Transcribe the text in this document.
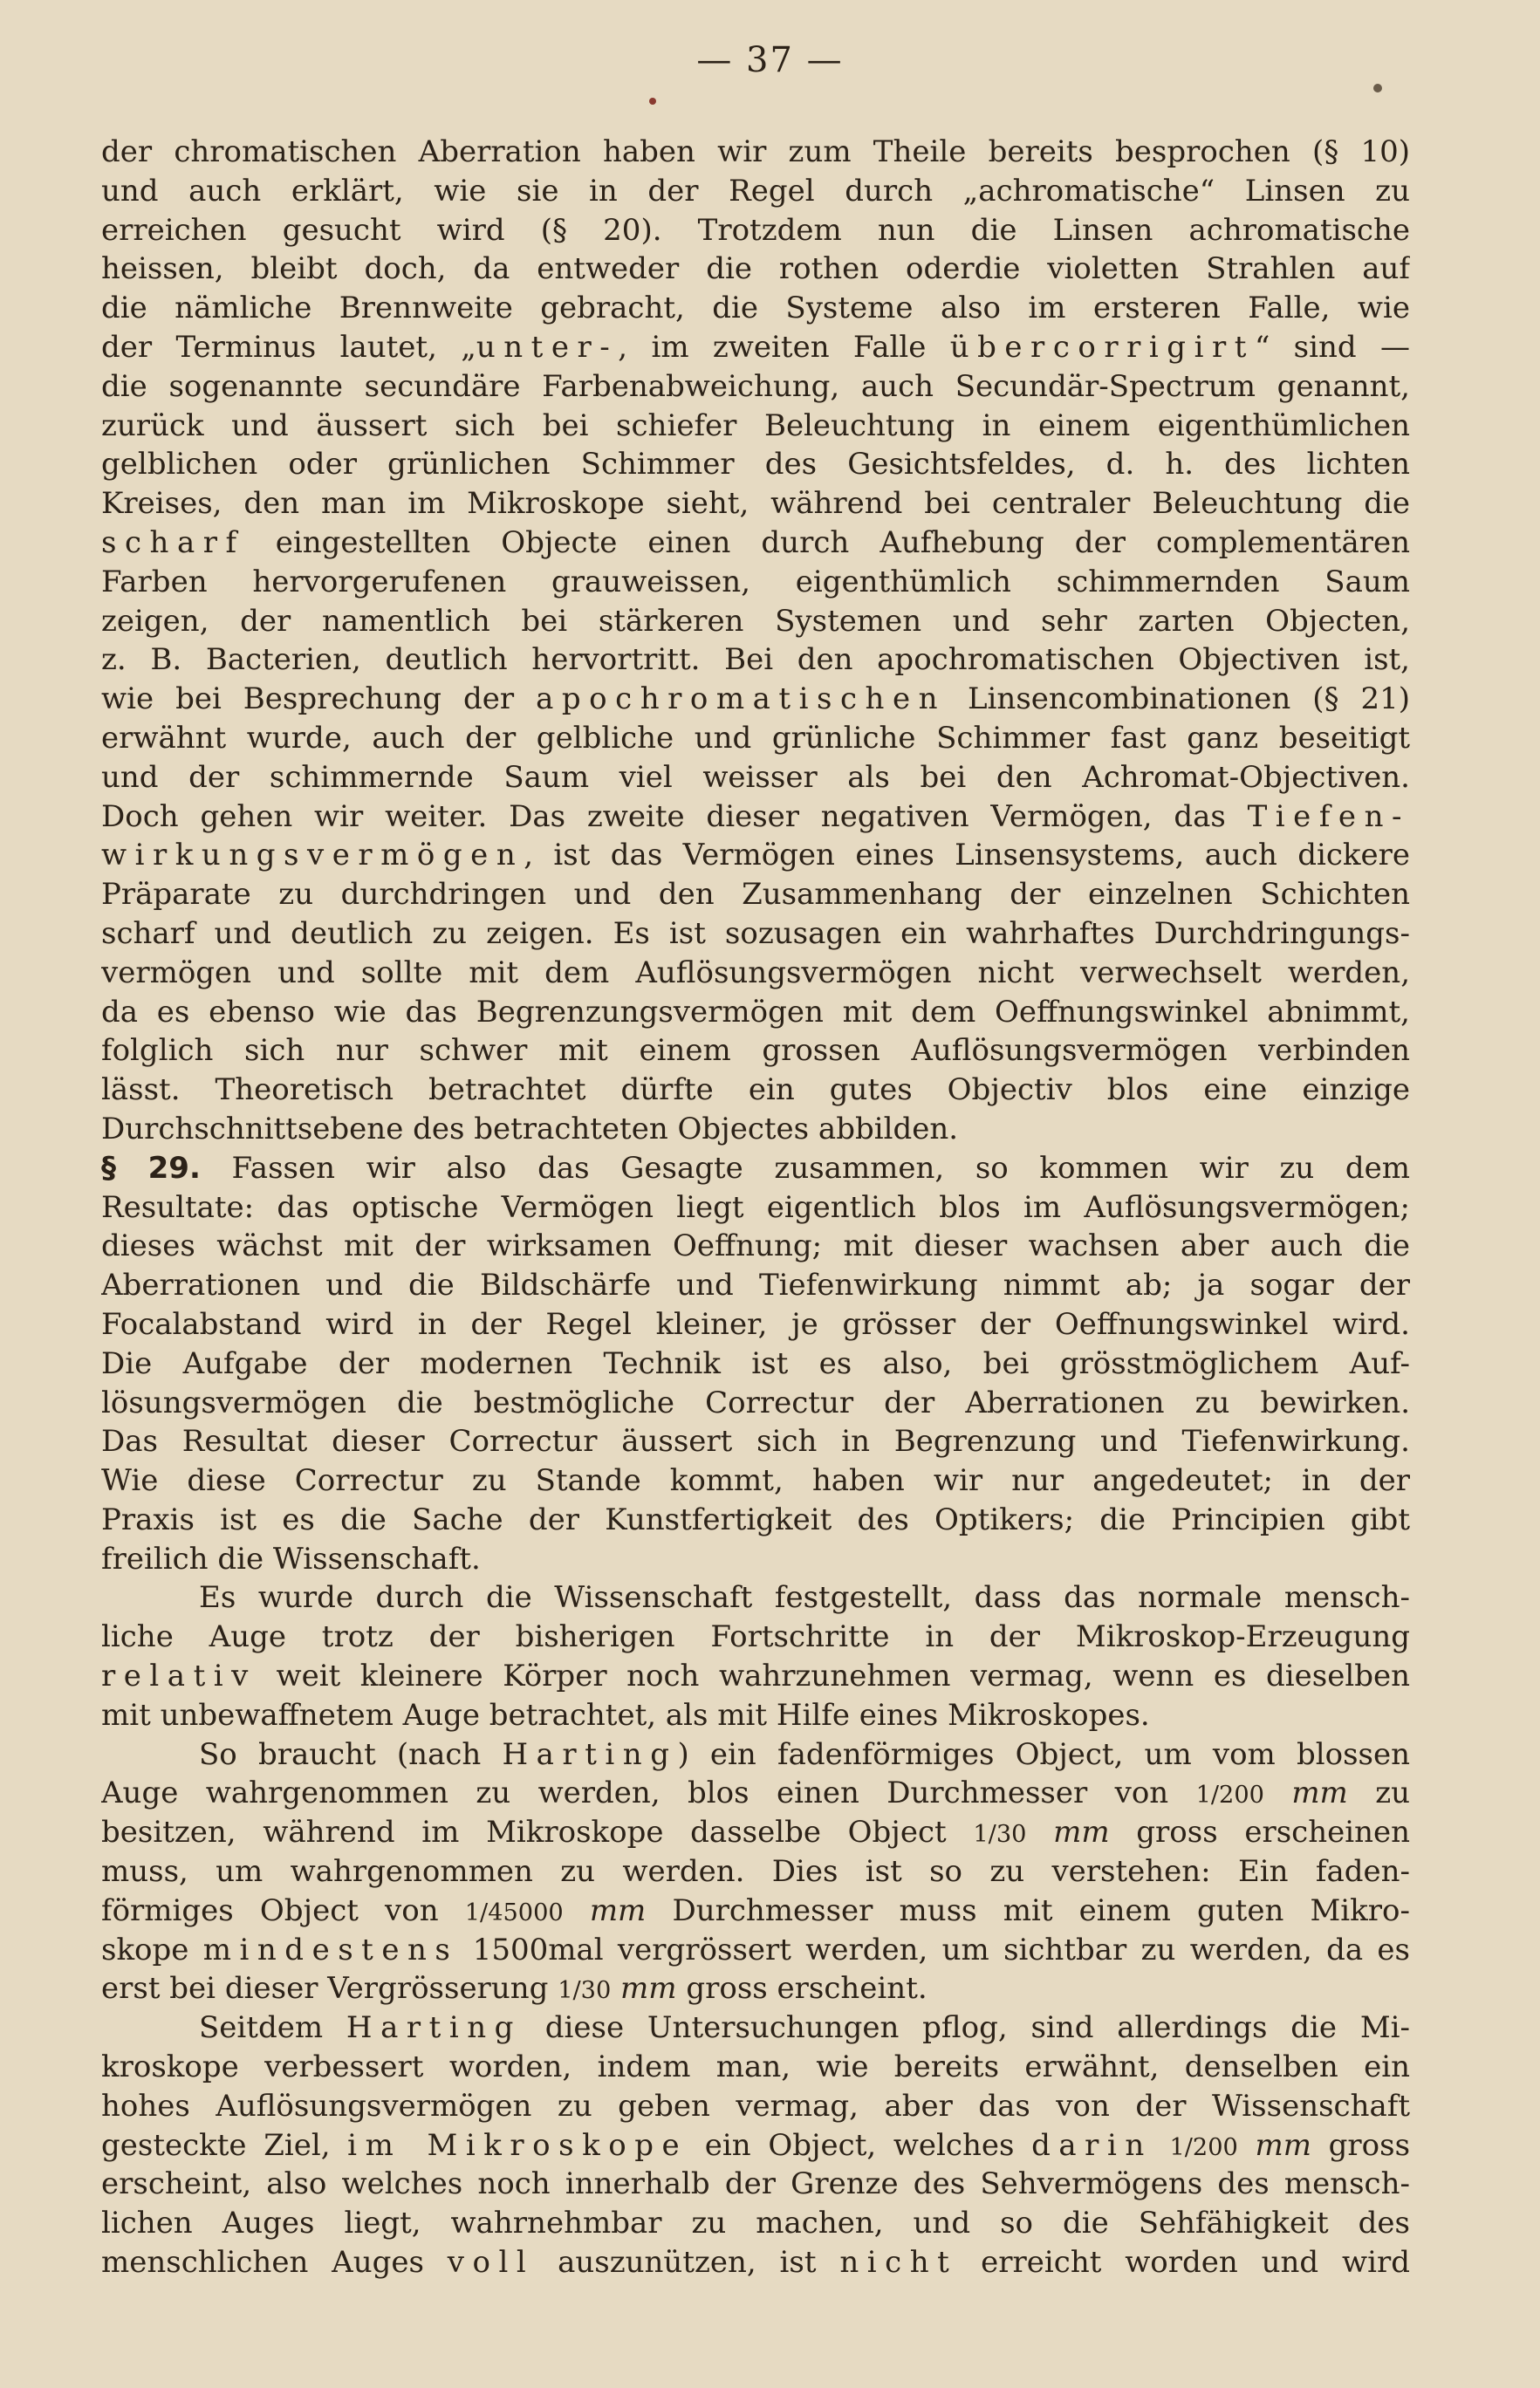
— 37 —
der chromatischen Aberration haben wir zum Theile bereits besprochen (§ 10)
und auch erklärt, wie sie in der Regel durch „achromatische“ Linsen zu
erreichen gesucht wird (§ 20). Trotzdem nun die Linsen achromatische
heissen, bleibt doch, da entweder die rothen oderdie violetten Strahlen auf
die nämliche Brennweite gebracht, die Systeme also im ersteren Falle, wie
der Terminus lautet, „unter-, im zweiten Falle übercorrigirt“ sind —
die sogenannte secundäre Farbenabweichung, auch Secundär-Spectrum genannt,
zurück und äussert sich bei schiefer Beleuchtung in einem eigenthümlichen
gelblichen oder grünlichen Schimmer des Gesichtsfeldes, d. h. des lichten
Kreises, den man im Mikroskope sieht, während bei centraler Beleuchtung die
scharf eingestellten Objecte einen durch Aufhebung der complementären
Farben hervorgerufenen grauweissen, eigenthümlich schimmernden Saum
zeigen, der namentlich bei stärkeren Systemen und sehr zarten Objecten,
z. B. Bacterien, deutlich hervortritt. Bei den apochromatischen Objectiven ist,
wie bei Besprechung der apochromatischen Linsencombinationen (§ 21)
erwähnt wurde, auch der gelbliche und grünliche Schimmer fast ganz beseitigt
und der schimmernde Saum viel weisser als bei den Achromat-Objectiven.
Doch gehen wir weiter. Das zweite dieser negativen Vermögen, das Tiefen-
wirkungsvermögen, ist das Vermögen eines Linsensystems, auch dickere
Präparate zu durchdringen und den Zusammenhang der einzelnen Schichten
scharf und deutlich zu zeigen. Es ist sozusagen ein wahrhaftes Durchdringungs-
vermögen und sollte mit dem Auflösungsvermögen nicht verwechselt werden,
da es ebenso wie das Begrenzungsvermögen mit dem Oeffnungswinkel abnimmt,
folglich sich nur schwer mit einem grossen Auflösungsvermögen verbinden
lässt. Theoretisch betrachtet dürfte ein gutes Objectiv blos eine einzige
Durchschnittsebene des betrachteten Objectes abbilden.
§ 29. Fassen wir also das Gesagte zusammen, so kommen wir zu dem
Resultate: das optische Vermögen liegt eigentlich blos im Auflösungsvermögen;
dieses wächst mit der wirksamen Oeffnung; mit dieser wachsen aber auch die
Aberrationen und die Bildschärfe und Tiefenwirkung nimmt ab; ja sogar der
Focalabstand wird in der Regel kleiner, je grösser der Oeffnungswinkel wird.
Die Aufgabe der modernen Technik ist es also, bei grösstmöglichem Auf-
lösungsvermögen die bestmögliche Correctur der Aberrationen zu bewirken.
Das Resultat dieser Correctur äussert sich in Begrenzung und Tiefenwirkung.
Wie diese Correctur zu Stande kommt, haben wir nur angedeutet; in der
Praxis ist es die Sache der Kunstfertigkeit des Optikers; die Principien gibt
freilich die Wissenschaft.
Es wurde durch die Wissenschaft festgestellt, dass das normale mensch-
liche Auge trotz der bisherigen Fortschritte in der Mikroskop-Erzeugung
relativ weit kleinere Körper noch wahrzunehmen vermag, wenn es dieselben
mit unbewaffnetem Auge betrachtet, als mit Hilfe eines Mikroskopes.
So braucht (nach Harting) ein fadenförmiges Object, um vom blossen
Auge wahrgenommen zu werden, blos einen Durchmesser von 1/200 mm zu
besitzen, während im Mikroskope dasselbe Object 1/30 mm gross erscheinen
muss, um wahrgenommen zu werden. Dies ist so zu verstehen: Ein faden-
förmiges Object von 1/45000 mm Durchmesser muss mit einem guten Mikro-
skope mindestens 1500mal vergrössert werden, um sichtbar zu werden, da es
erst bei dieser Vergrösserung 1/30 mm gross erscheint.
Seitdem Harting diese Untersuchungen pflog, sind allerdings die Mi-
kroskope verbessert worden, indem man, wie bereits erwähnt, denselben ein
hohes Auflösungsvermögen zu geben vermag, aber das von der Wissenschaft
gesteckte Ziel, im Mikroskope ein Object, welches darin 1/200 mm gross
erscheint, also welches noch innerhalb der Grenze des Sehvermögens des mensch-
lichen Auges liegt, wahrnehmbar zu machen, und so die Sehfähigkeit des
menschlichen Auges voll auszunützen, ist nicht erreicht worden und wird
